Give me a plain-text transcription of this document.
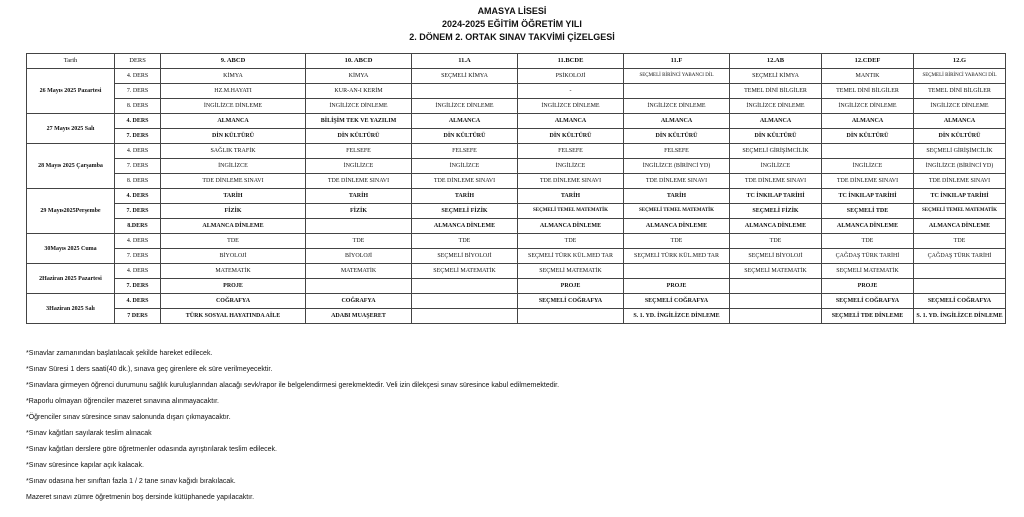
AMASYA LİSESİ
2024-2025 EĞİTİM ÖĞRETİM YILI
2. DÖNEM 2. ORTAK SINAV TAKVİMİ ÇİZELGESİ
Tarih	DERS	9. ABCD	10. ABCD	11.A	11.BCDE	11.F	12.AB	12.CDEF	12.G
26 Mayıs 2025 Pazartesi	4. DERS	KİMYA	KİMYA	SEÇMELİ KİMYA	PSİKOLOJİ	SEÇMELİ BİRİNCİ YABANCI DİL	SEÇMELİ KİMYA	MANTIK	SEÇMELİ BİRİNCİ YABANCI DİL
	7. DERS	HZ.M.HAYATI	KUR-AN-I KERİM		-		TEMEL DİNİ BİLGİLER	TEMEL DİNİ BİLGİLER	TEMEL DİNİ BİLGİLER
	8. DERS	İNGİLİZCE DİNLEME	İNGİLİZCE DİNLEME	İNGİLİZCE DİNLEME	İNGİLİZCE DİNLEME	İNGİLİZCE DİNLEME	İNGİLİZCE DİNLEME	İNGİLİZCE DİNLEME	İNGİLİZCE DİNLEME
27 Mayıs 2025 Salı	4. DERS	ALMANCA	BİLİŞİM TEK VE YAZILIM	ALMANCA	ALMANCA	ALMANCA	ALMANCA	ALMANCA	ALMANCA
	7. DERS	DİN KÜLTÜRÜ	DİN KÜLTÜRÜ	DİN KÜLTÜRÜ	DİN KÜLTÜRÜ	DİN KÜLTÜRÜ	DİN KÜLTÜRÜ	DİN KÜLTÜRÜ	DİN KÜLTÜRÜ
28 Mayıs 2025 Çarşamba	4. DERS	SAĞLIK TRAFİK	FELSEFE	FELSEFE	FELSEFE	FELSEFE	SEÇMELİ GİRİŞİMCİLİK		SEÇMELİ GİRİŞİMCİLİK
	7. DERS	İNGİLİZCE	İNGİLİZCE	İNGİLİZCE	İNGİLİZCE	İNGİLİZCE (BİRİNCİ YD)	İNGİLİZCE	İNGİLİZCE	İNGİLİZCE (BİRİNCİ YD)
	8. DERS	TDE DİNLEME SINAVI	TDE DİNLEME SINAVI	TDE DİNLEME SINAVI	TDE DİNLEME SINAVI	TDE DİNLEME SINAVI	TDE DİNLEME SINAVI	TDE DİNLEME SINAVI	TDE DİNLEME SINAVI
29 Mayıs2025Perşembe	4. DERS	TARİH	TARİH	TARİH	TARİH	TARİH	TC İNKILAP TARİHİ	TC İNKILAP TARİHİ	TC İNKILAP TARİHİ
	7. DERS	FİZİK	FİZİK	SEÇMELİ FİZİK	SEÇMELİ TEMEL MATEMATİK	SEÇMELİ TEMEL MATEMATİK	SEÇMELİ FİZİK	SEÇMELİ TDE	SEÇMELİ TEMEL MATEMATİK
	8.DERS	ALMANCA DİNLEME		ALMANCA DİNLEME	ALMANCA DİNLEME	ALMANCA DİNLEME	ALMANCA DİNLEME	ALMANCA DİNLEME	ALMANCA DİNLEME
30Mayıs 2025 Cuma	4. DERS	TDE	TDE	TDE	TDE	TDE	TDE	TDE	TDE
	7. DERS	BİYOLOJİ	BİYOLOJİ	SEÇMELİ BİYOLOJİ	SEÇMELİ TÜRK KÜL.MED TAR	SEÇMELİ TÜRK KÜL.MED TAR	SEÇMELİ BİYOLOJİ	ÇAĞDAŞ TÜRK TARİHİ	ÇAĞDAŞ TÜRK TARİHİ
2Haziran 2025 Pazartesi	4. DERS	MATEMATİK	MATEMATİK	SEÇMELİ MATEMATİK	SEÇMELİ MATEMATİK		SEÇMELİ MATEMATİK	SEÇMELİ MATEMATİK	
	7. DERS	PROJE			PROJE	PROJE		PROJE	
3Haziran 2025 Salı	4. DERS	COĞRAFYA	COĞRAFYA		SEÇMELİ COĞRAFYA	SEÇMELİ COĞRAFYA		SEÇMELİ COĞRAFYA	SEÇMELİ COĞRAFYA
	7 DERS	TÜRK SOSYAL HAYATINDA AİLE	ADABI MUAŞERET			S. 1. YD. İNGİLİZCE DİNLEME		SEÇMELİ TDE DİNLEME	S. 1. YD. İNGİLİZCE DİNLEME
*Sınavlar zamanından başlatılacak şekilde hareket edilecek.
*Sınav Süresi 1 ders saati(40 dk.), sınava geç girenlere ek süre verilmeyecektir.
*Sınavlara girmeyen öğrenci durumunu sağlık kuruluşlarından alacağı sevk/rapor ile belgelendirmesi gerekmektedir. Veli izin dilekçesi sınav süresince kabul edilmemektedir.
*Raporlu olmayan öğrenciler mazeret sınavına alınmayacaktır.
*Öğrenciler sınav süresince sınav salonunda dışarı çıkmayacaktır.
*Sınav kağıtları sayılarak teslim alınacak
*Sınav kağıtları derslere göre öğretmenler odasında ayrıştırılarak teslim edilecek.
*Sınav süresince kapılar açık kalacak.
*Sınav odasına her sınıftan fazla 1 / 2 tane sınav kağıdı bırakılacak.
Mazeret sınavı zümre öğretmenin boş dersinde kütüphanede yapılacaktır.
